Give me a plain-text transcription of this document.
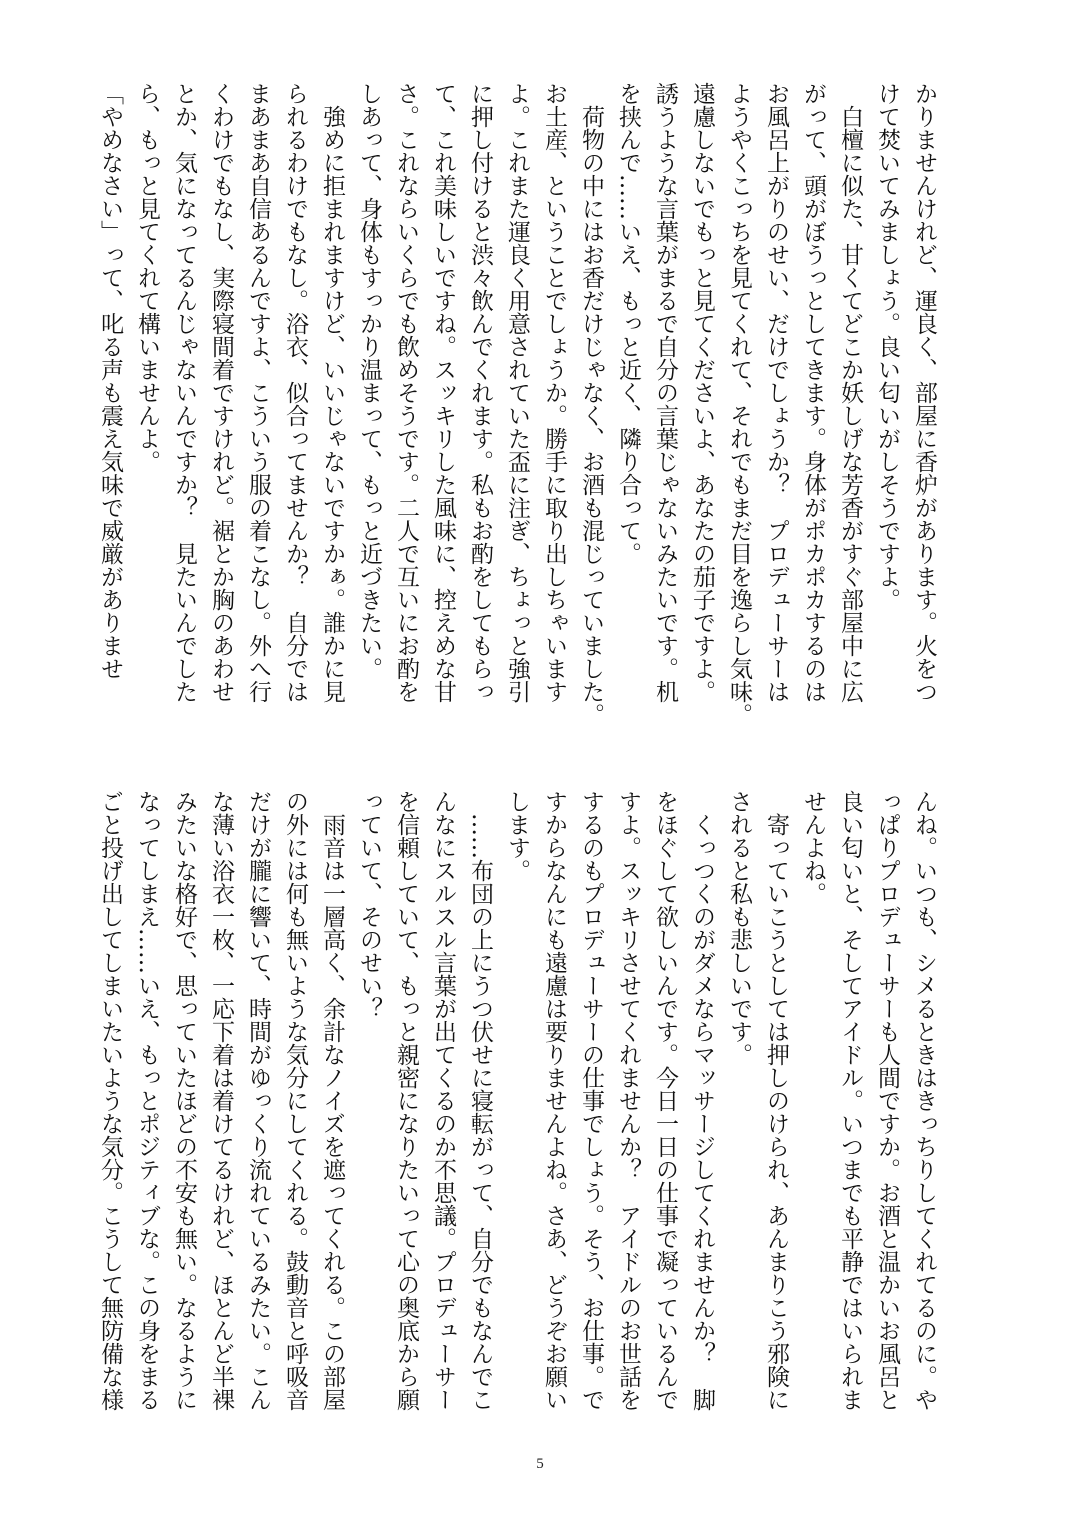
かりませんけれど、運良く、部屋に香炉があります。火をつ

けて焚いてみましょう。良い匂いがしそうですよ。

　白檀に似た、甘くてどこか妖しげな芳香がすぐ部屋中に広

がって、頭がぼうっとしてきます。身体がポカポカするのは

お風呂上がりのせい、だけでしょうか？　プロデューサーは

ようやくこっちを見てくれて、それでもまだ目を逸らし気味。

遠慮しないでもっと見てくださいよ、あなたの茄子ですよ。

誘うような言葉がまるで自分の言葉じゃないみたいです。机

を挟んで……いえ、もっと近く、隣り合って。

　荷物の中にはお香だけじゃなく、お酒も混じっていました。

お土産、ということでしょうか。勝手に取り出しちゃいます

よ。これまた運良く用意されていた盃に注ぎ、ちょっと強引

に押し付けると渋々飲んでくれます。私もお酌をしてもらっ

て、これ美味しいですね。スッキリした風味に、控えめな甘

さ。これならいくらでも飲めそうです。二人で互いにお酌を

しあって、身体もすっかり温まって、もっと近づきたい。

　強めに拒まれますけど、いいじゃないですかぁ。誰かに見

られるわけでもなし。浴衣、似合ってませんか？　自分では

まあまあ自信あるんですよ、こういう服の着こなし。外へ行

くわけでもなし、実際寝間着ですけれど。裾とか胸のあわせ

とか、気になってるんじゃないんですか？　見たいんでした

ら、もっと見てくれて構いませんよ。

「やめなさい」って、叱る声も震え気味で威厳がありませ

んね。いつも、シメるときはきっちりしてくれてるのに。や

っぱりプロデューサーも人間ですか。お酒と温かいお風呂と

良い匂いと、そしてアイドル。いつまでも平静ではいられま

せんよね。

　寄っていこうとしては押しのけられ、あんまりこう邪険に

されると私も悲しいです。

　くっつくのがダメならマッサージしてくれませんか？　脚

をほぐして欲しいんです。今日一日の仕事で凝っているんで

すよ。スッキリさせてくれませんか？　アイドルのお世話を

するのもプロデューサーの仕事でしょう。そう、お仕事。で

すからなんにも遠慮は要りませんよね。さあ、どうぞお願い

します。

　……布団の上にうつ伏せに寝転がって、自分でもなんでこ

んなにスルスル言葉が出てくるのか不思議。プロデューサー

を信頼していて、もっと親密になりたいって心の奥底から願

っていて、そのせい？

　雨音は一層高く、余計なノイズを遮ってくれる。この部屋

の外には何も無いような気分にしてくれる。鼓動音と呼吸音

だけが朧に響いて、時間がゆっくり流れているみたい。こん

な薄い浴衣一枚、一応下着は着けてるけれど、ほとんど半裸

みたいな格好で、思っていたほどの不安も無い。なるように

なってしまえ……いえ、もっとポジティブな。この身をまる

ごと投げ出してしまいたいような気分。こうして無防備な様

5
